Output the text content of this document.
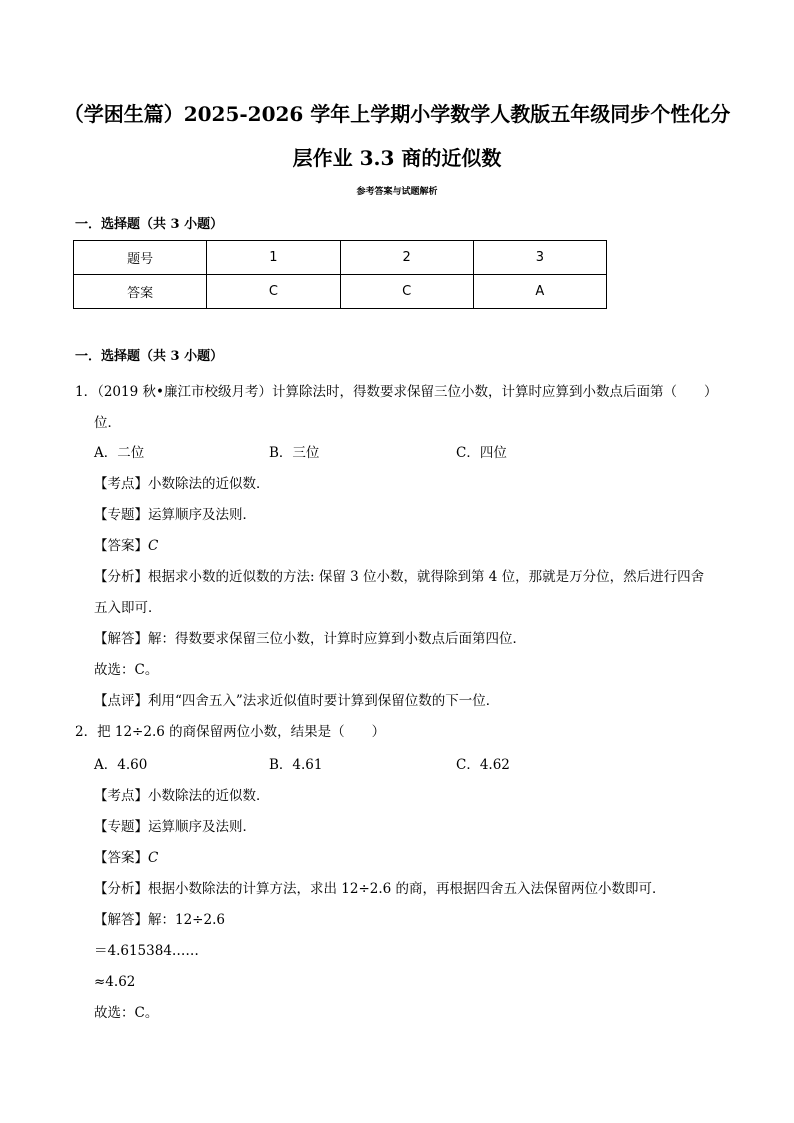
（学困生篇）2025-2026 学年上学期小学数学人教版五年级同步个性化分
层作业 3.3 商的近似数
参考答案与试题解析
一．选择题（共 3 小题）
题号	1	2	3
答案	C	C	A
一．选择题（共 3 小题）
1．（2019 秋•廉江市校级月考）计算除法时，得数要求保留三位小数，计算时应算到小数点后面第（　　）
位．
A．二位	B．三位	C．四位
【考点】小数除法的近似数．
【专题】运算顺序及法则．
【答案】C
【分析】根据求小数的近似数的方法: 保留 3 位小数，就得除到第 4 位，那就是万分位，然后进行四舍
五入即可．
【解答】解：得数要求保留三位小数，计算时应算到小数点后面第四位．
故选：C。
【点评】利用“四舍五入”法求近似值时要计算到保留位数的下一位．
2．把 12÷2.6 的商保留两位小数，结果是（　　）
A．4.60	B．4.61	C．4.62
【考点】小数除法的近似数．
【专题】运算顺序及法则．
【答案】C
【分析】根据小数除法的计算方法，求出 12÷2.6 的商，再根据四舍五入法保留两位小数即可．
【解答】解：12÷2.6
＝4.615384……
≈4.62
故选：C。
